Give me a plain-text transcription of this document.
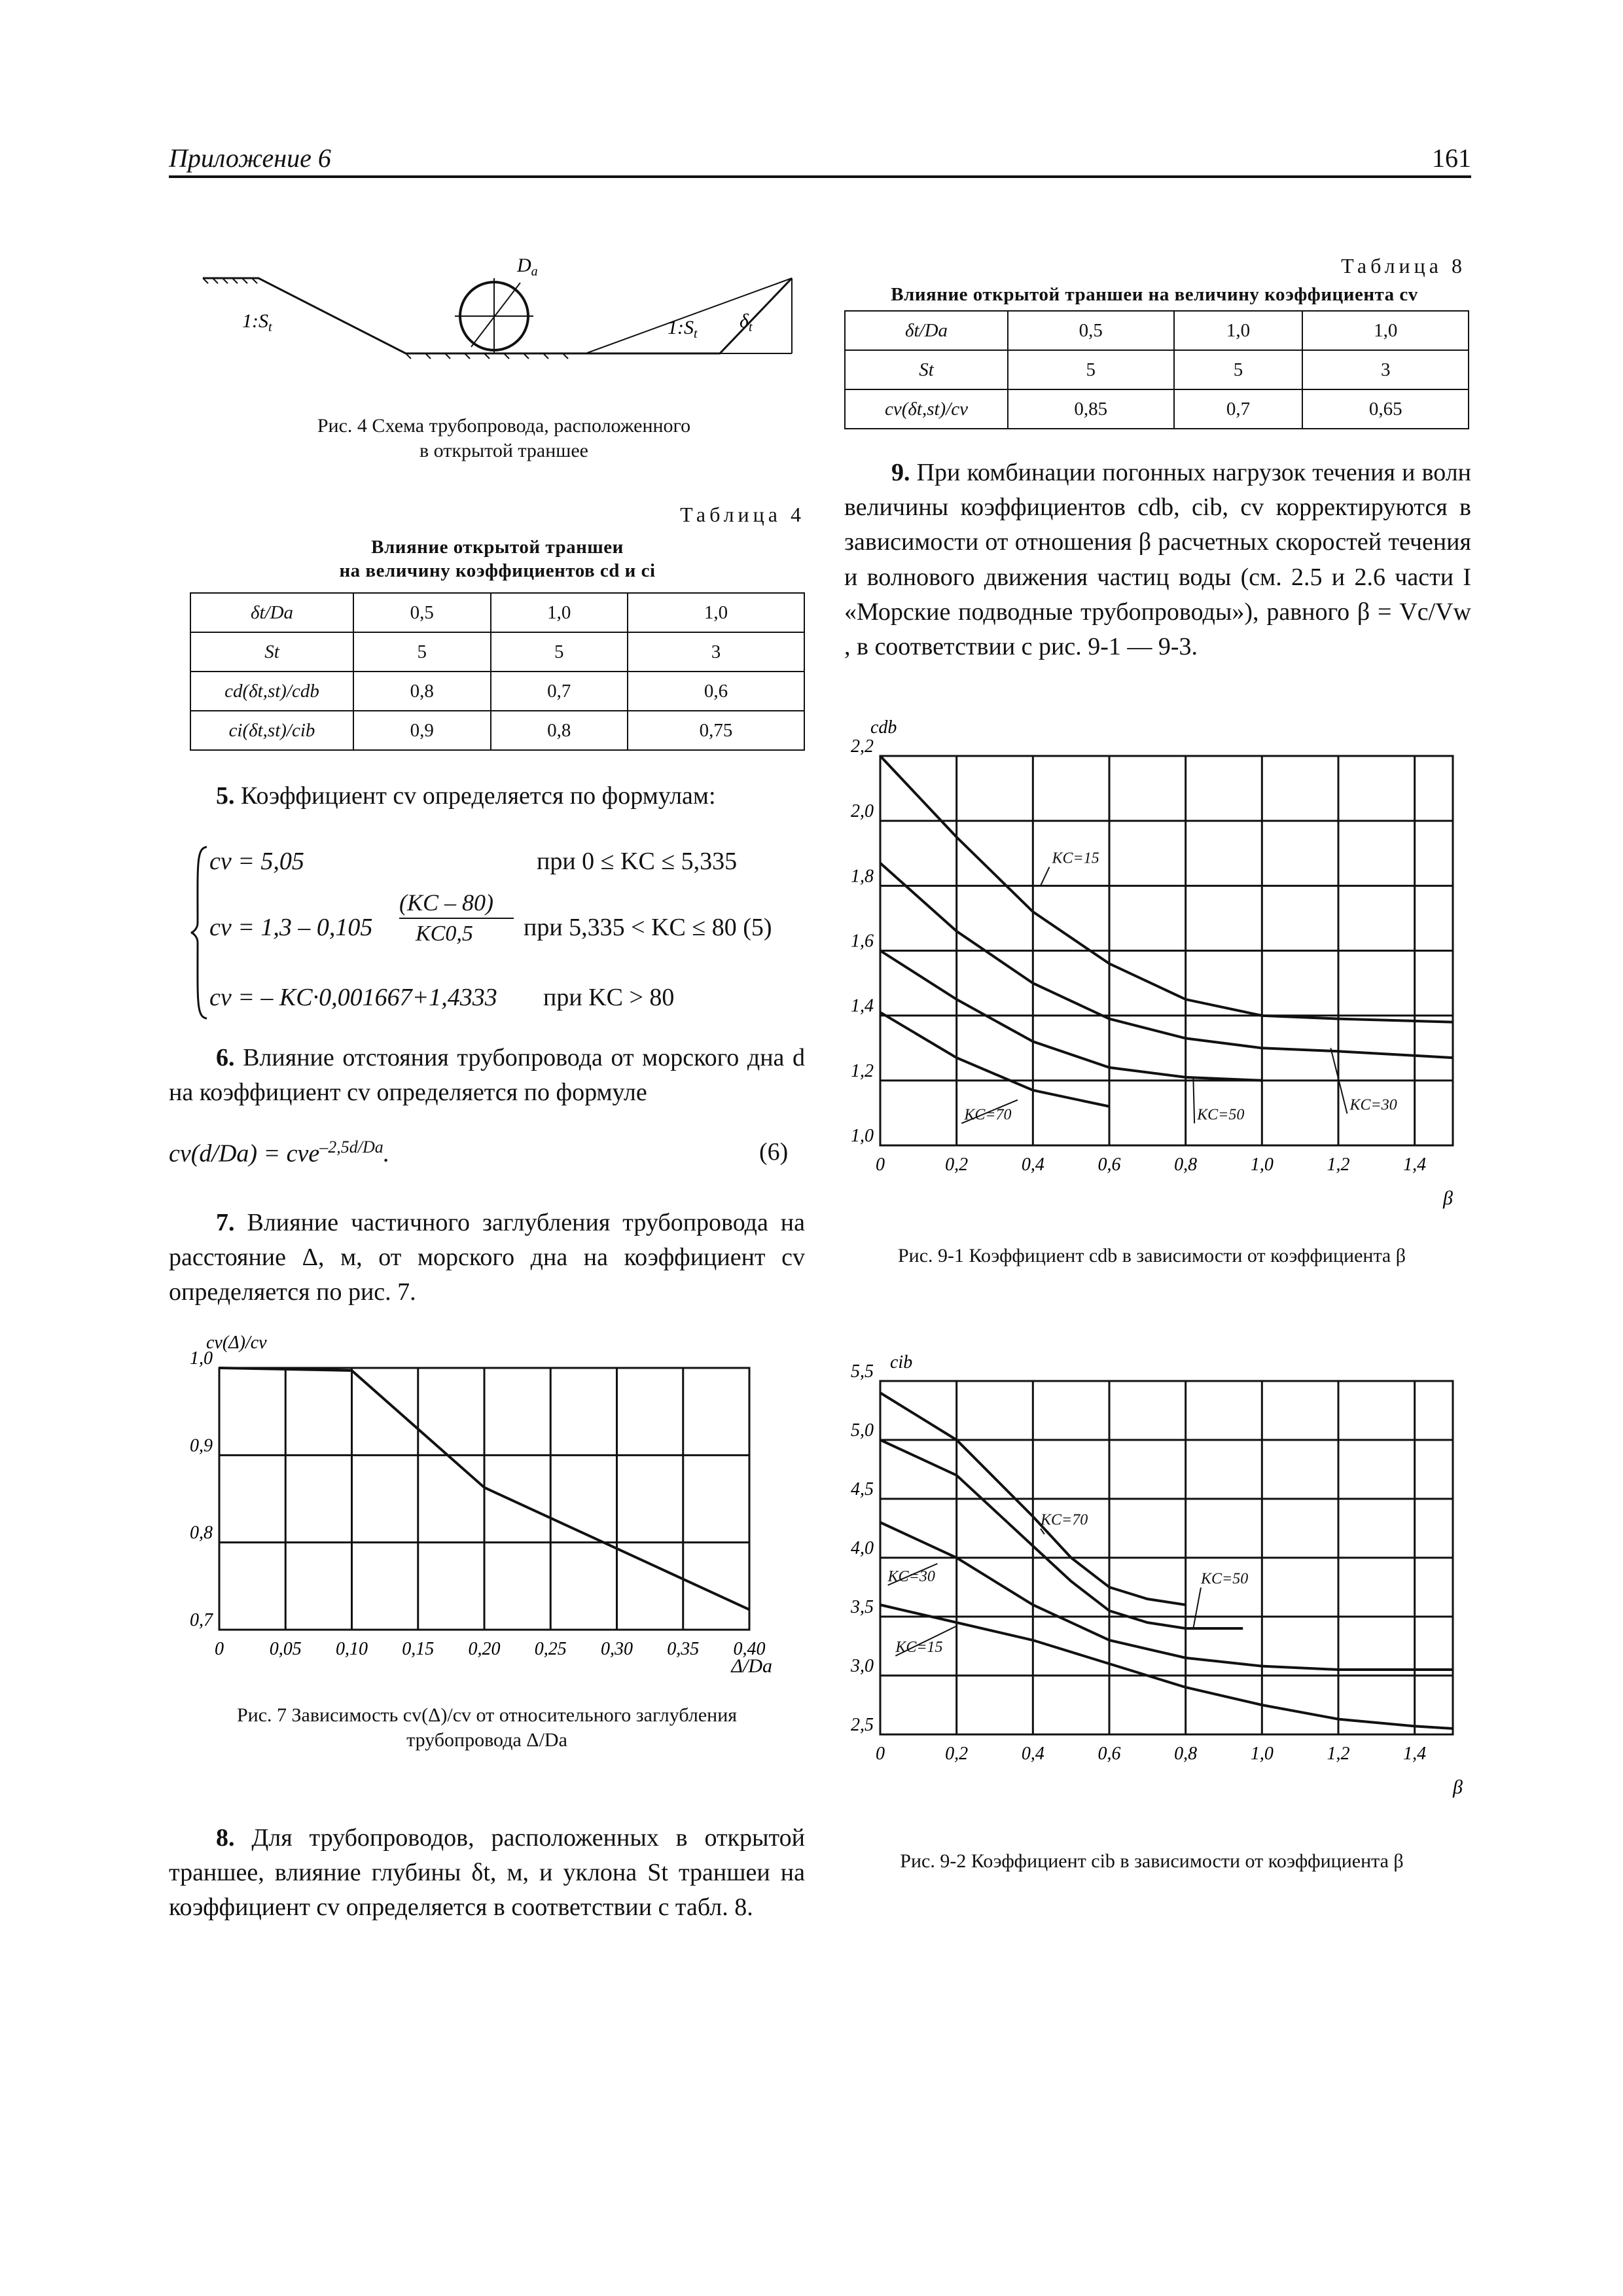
Приложение 6	161
$D_a$
$1:S_t$	$1:S_t$
$\delta_t$
Рис. 4 Схема трубопровода, расположенного
в открытой траншее
Таблица 4
Влияние открытой траншеи
на величину коэффициентов cd и ci
δt/Da	0,5	1,0	1,0
St	5	5	3
cd(δt,st)/cdb	0,8	0,7	0,6
ci(δt,st)/cib	0,9	0,8	0,75
5. Коэффициент cv определяется по формулам:
cv = 5,05	при 0 ≤ KC ≤ 5,335
cv = 1,3 – 0,105
(KC – 80)
KC0,5 при 5,335 < KC ≤ 80 (5)
cv = – KC·0,001667+1,4333 при KC > 80
6. Влияние отстояния трубопровода от морского дна d на коэффициент cv определяется по формуле
cv(d/Da) = cve$^{-2,5d/Da}$.	(6)
7. Влияние частичного заглубления трубопровода на расстояние Δ, м, от морского дна на коэффициент cv определяется по рис. 7.
0 0,05 0,10 0,15 0,20 0,25 0,30 0,35 0,40
1,0
0,9
0,8
0,7
cv(Δ)/cv
Δ/Da
Рис. 7 Зависимость cv(Δ)/cv от относительного заглубления
трубопровода Δ/Da
8. Для трубопроводов, расположенных в открытой траншее, влияние глубины δt, м, и уклона St траншеи на коэффициент cv определяется в соответствии с табл. 8.
Таблица 8
Влияние открытой траншеи на величину коэффициента cv
δt/Da	0,5	1,0	1,0
St	5	5	3
cv(δt,st)/cv	0,85	0,7	0,65
9. При комбинации погонных нагрузок течения и волн величины коэффициентов cdb, cib, cv корректируются в зависимости от отношения β расчетных скоростей течения и волнового движения частиц воды (см. 2.5 и 2.6 части I «Морские подводные трубопроводы»), равного β = Vc/Vw , в соответствии с рис. 9-1 — 9-3.
0	0,2	0,4	0,6	0,8	1,0	1,2	1,4
2,2
2,0
1,8
1,6
1,4
1,2
1,0
cdb
β
KC=15
KC=70	KC=50
KC=30
Рис. 9-1 Коэффициент cdb в зависимости от коэффициента β
0	0,2	0,4	0,6	0,8	1,0	1,2	1,4
5,5
5,0
4,5
4,0
3,5
3,0
2,5
cib
β
KC=70
KC=30	KC=50
KC=15
Рис. 9-2 Коэффициент cib в зависимости от коэффициента β
